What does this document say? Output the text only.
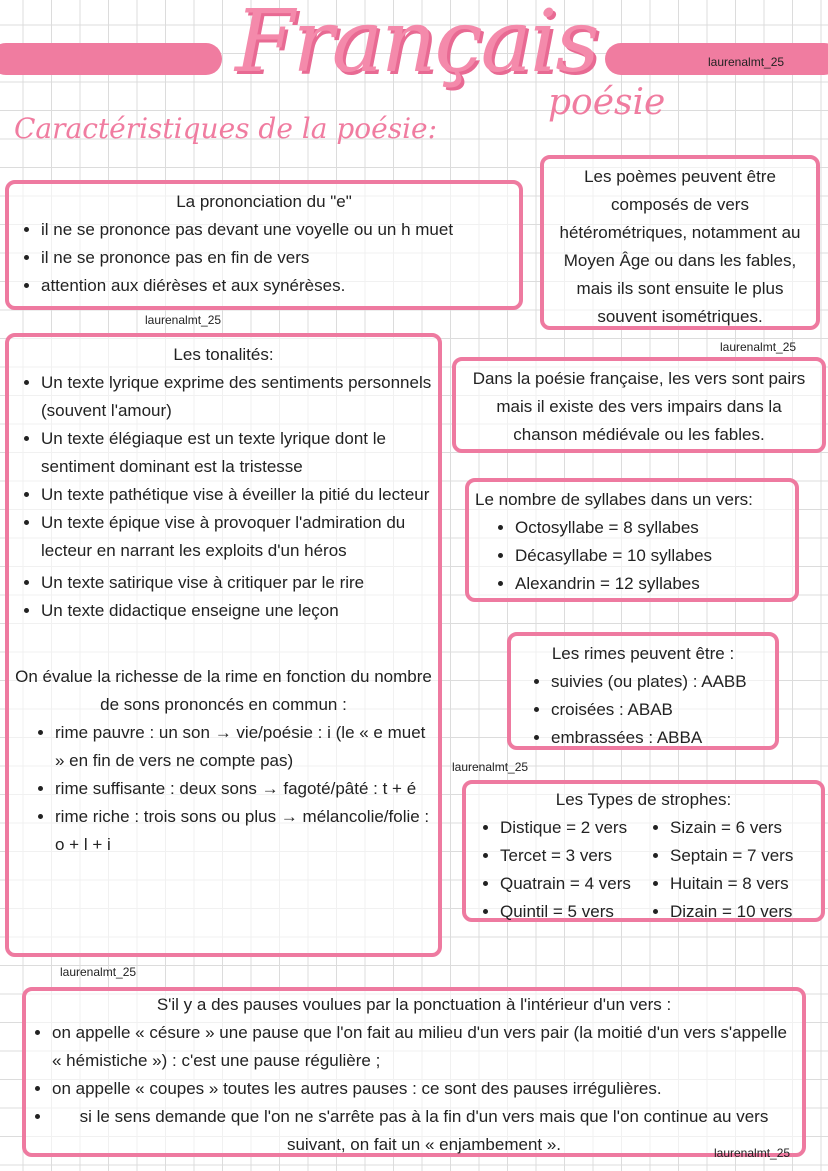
Français
poésie
laurenalmt_25
Caractéristiques de la poésie:

La prononciation du "e"

• il ne se prononce pas devant une voyelle ou un h muet
• il ne se prononce pas en fin de vers
• attention aux diérèses et aux synérèses.
laurenalmt_25

Les poèmes peuvent être composés de vers hétérométriques, notamment au Moyen Âge ou dans les fables, mais ils sont ensuite le plus souvent isométriques.

laurenalmt_25

Les tonalités:

• Un texte lyrique exprime des sentiments personnels (souvent l'amour)
• Un texte élégiaque est un texte lyrique dont le sentiment dominant est la tristesse
• Un texte pathétique vise à éveiller la pitié du lecteur
• Un texte épique vise à provoquer l'admiration du lecteur en narrant les exploits d'un héros
• Un texte satirique vise à critiquer par le rire
• Un texte didactique enseigne une leçon

On évalue la richesse de la rime en fonction du nombre de sons prononcés en commun :

• rime pauvre : un son → vie/poésie : i (le « e muet » en fin de vers ne compte pas)
• rime suffisante : deux sons → fagoté/pâté : t + é
• rime riche : trois sons ou plus → mélancolie/folie : o + l + i
laurenalmt_25

Dans la poésie française, les vers sont pairs mais il existe des vers impairs dans la chanson médiévale ou les fables.

Le nombre de syllabes dans un vers:

• Octosyllabe = 8 syllabes
• Décasyllabe = 10 syllabes
• Alexandrin = 12 syllabes

Les rimes peuvent être :

• suivies (ou plates) : AABB
• croisées : ABAB
• embrassées : ABBA
laurenalmt_25

Les Types de strophes:

• Distique = 2 vers
• Tercet = 3 vers
• Quatrain = 4 vers
• Quintil = 5 vers
• Sizain = 6 vers
• Septain = 7 vers
• Huitain = 8 vers
• Dizain = 10 vers

S'il y a des pauses voulues par la ponctuation à l'intérieur d'un vers :

• on appelle « césure » une pause que l'on fait au milieu d'un vers pair (la moitié d'un vers s'appelle « hémistiche ») : c'est une pause régulière ;
• on appelle « coupes » toutes les autres pauses : ce sont des pauses irrégulières.
• si le sens demande que l'on ne s'arrête pas à la fin d'un vers mais que l'on continue au vers suivant, on fait un « enjambement ».	laurenalmt_25
